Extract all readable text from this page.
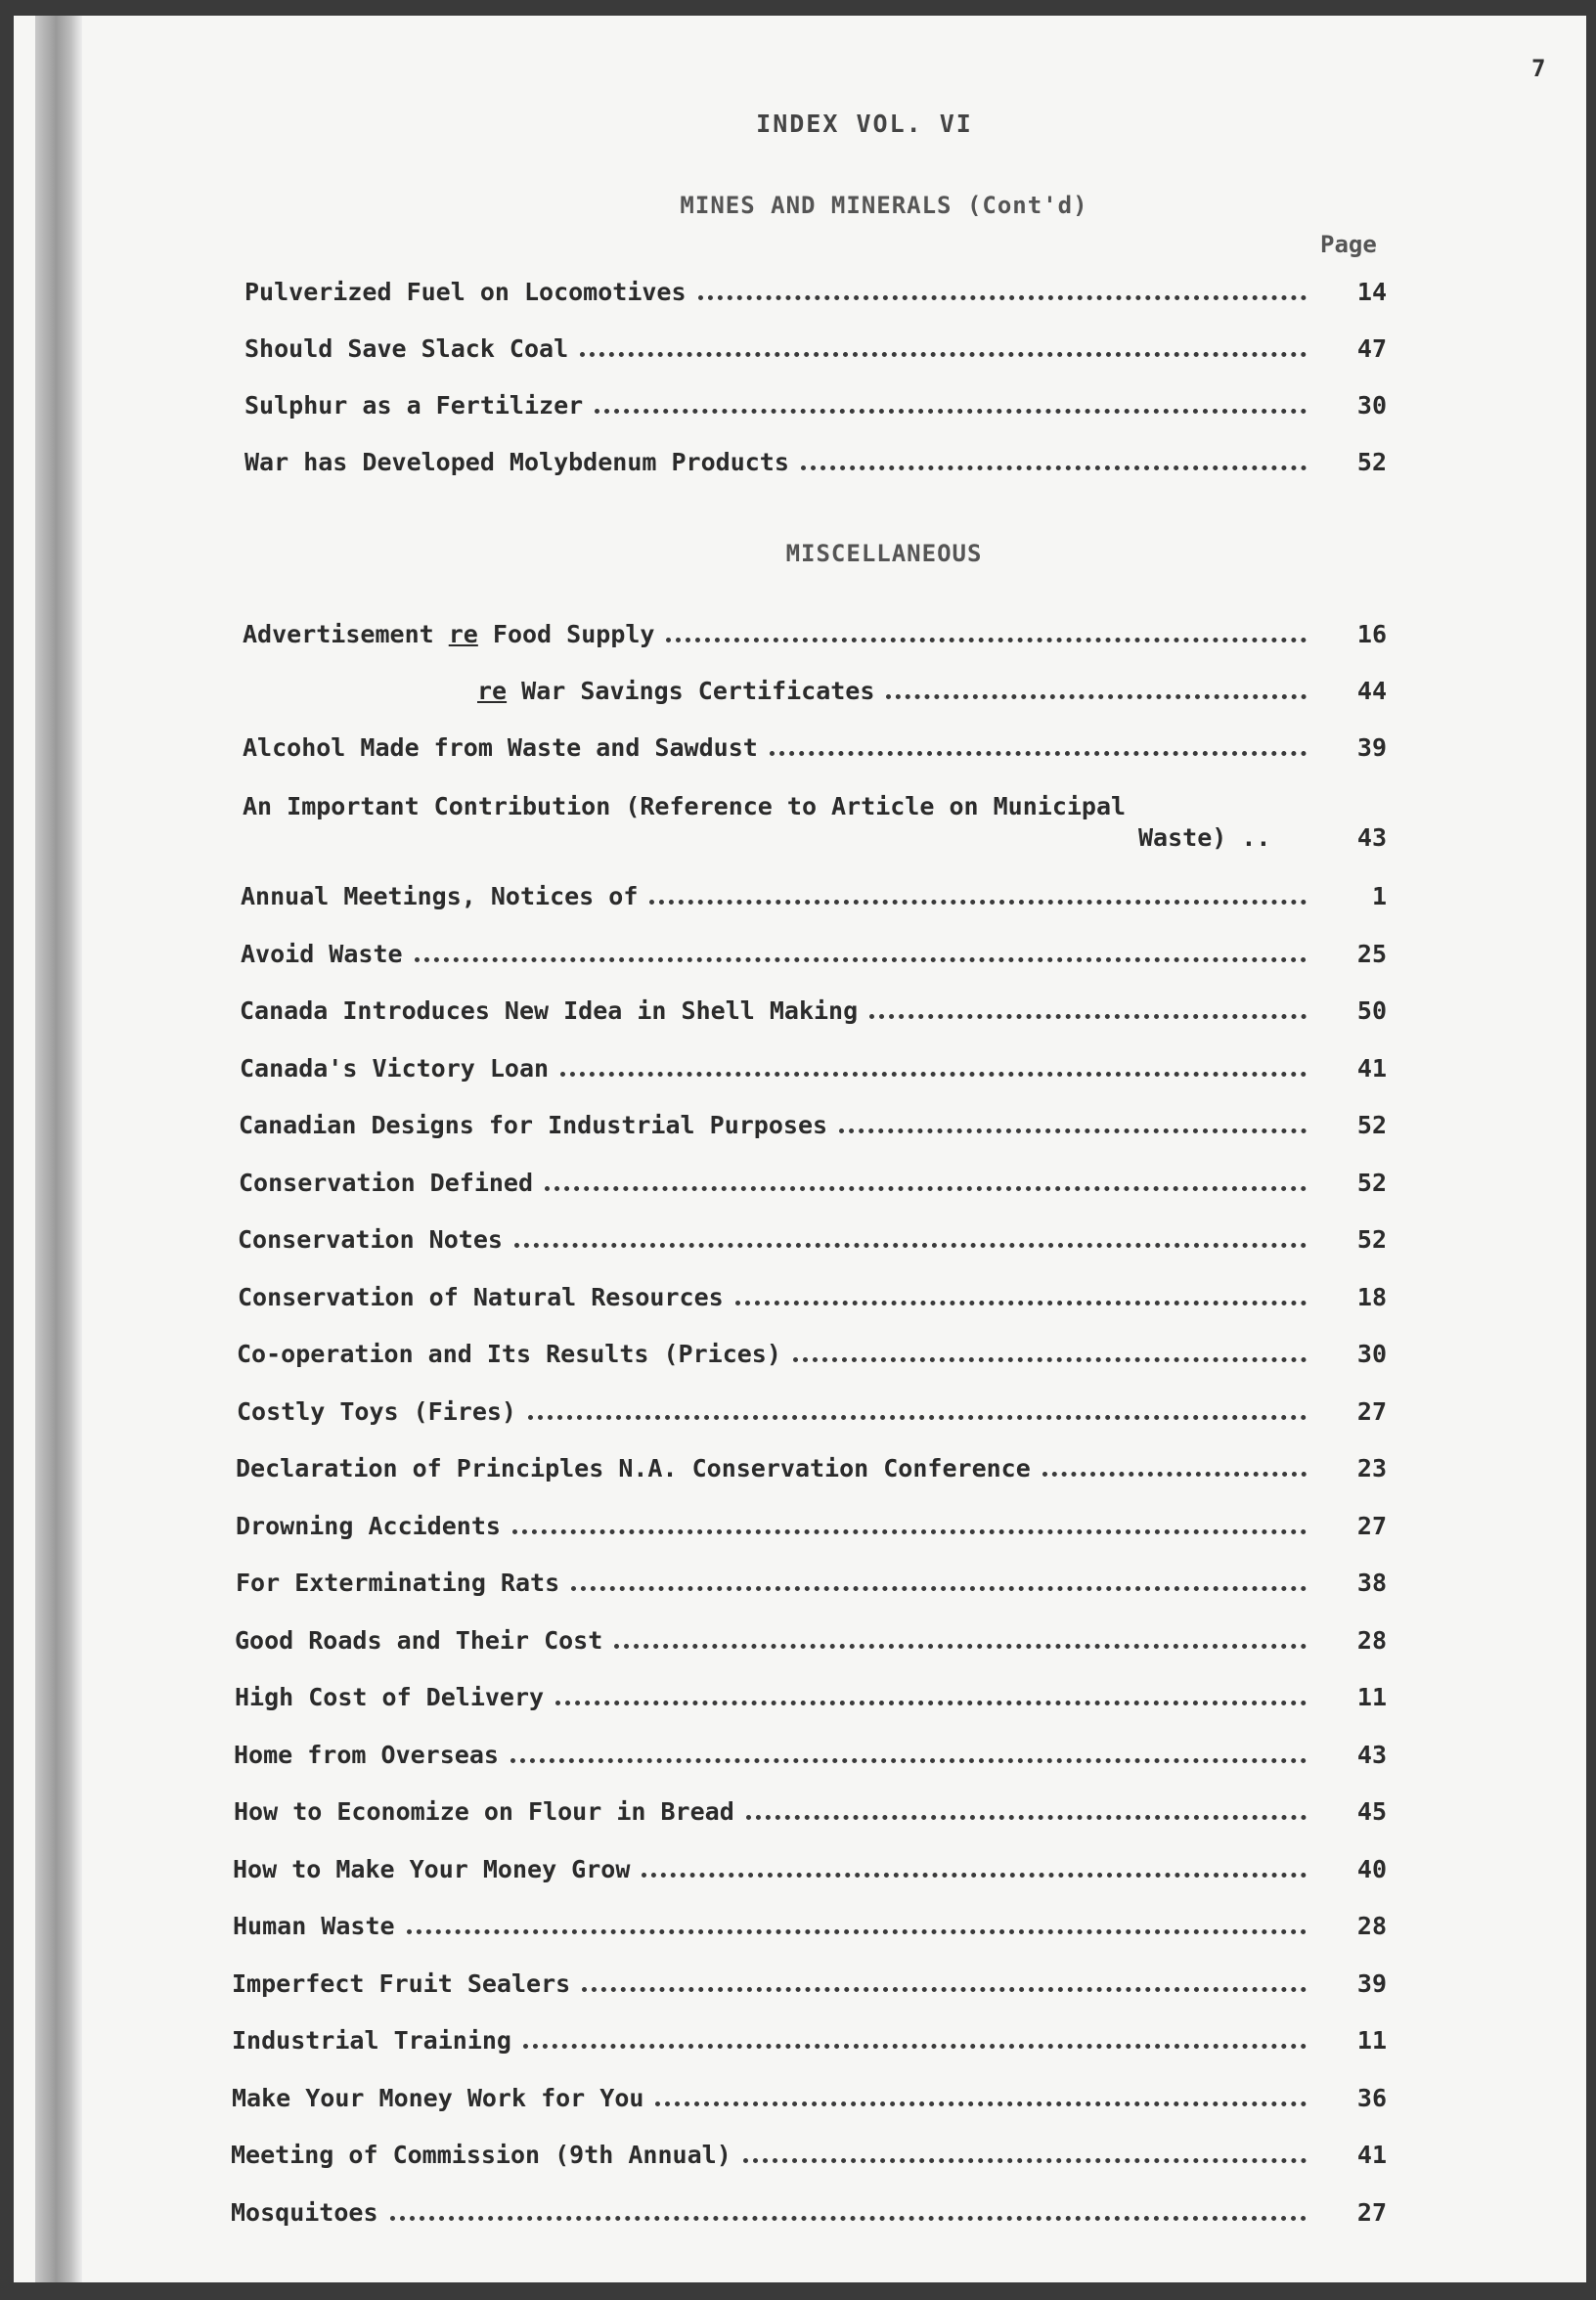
7
INDEX VOL. VI
MINES AND MINERALS (Cont'd)
Page
Pulverized Fuel on Locomotives	14
Should Save Slack Coal	47
Sulphur as a Fertilizer	30
War has Developed Molybdenum Products	52
MISCELLANEOUS
Advertisement re Food Supply	16
re War Savings Certificates	44
Alcohol Made from Waste and Sawdust	39
An Important Contribution (Reference to Article on Municipal
Waste) ..	43
Annual Meetings, Notices of	1
Avoid Waste	25
Canada Introduces New Idea in Shell Making	50
Canada's Victory Loan	41
Canadian Designs for Industrial Purposes	52
Conservation Defined	52
Conservation Notes	52
Conservation of Natural Resources	18
Co-operation and Its Results (Prices)	30
Costly Toys (Fires)	27
Declaration of Principles N.A. Conservation Conference	23
Drowning Accidents	27
For Exterminating Rats	38
Good Roads and Their Cost	28
High Cost of Delivery	11
Home from Overseas	43
How to Economize on Flour in Bread	45
How to Make Your Money Grow	40
Human Waste	28
Imperfect Fruit Sealers	39
Industrial Training	11
Make Your Money Work for You	36
Meeting of Commission (9th Annual)	41
Mosquitoes	27
